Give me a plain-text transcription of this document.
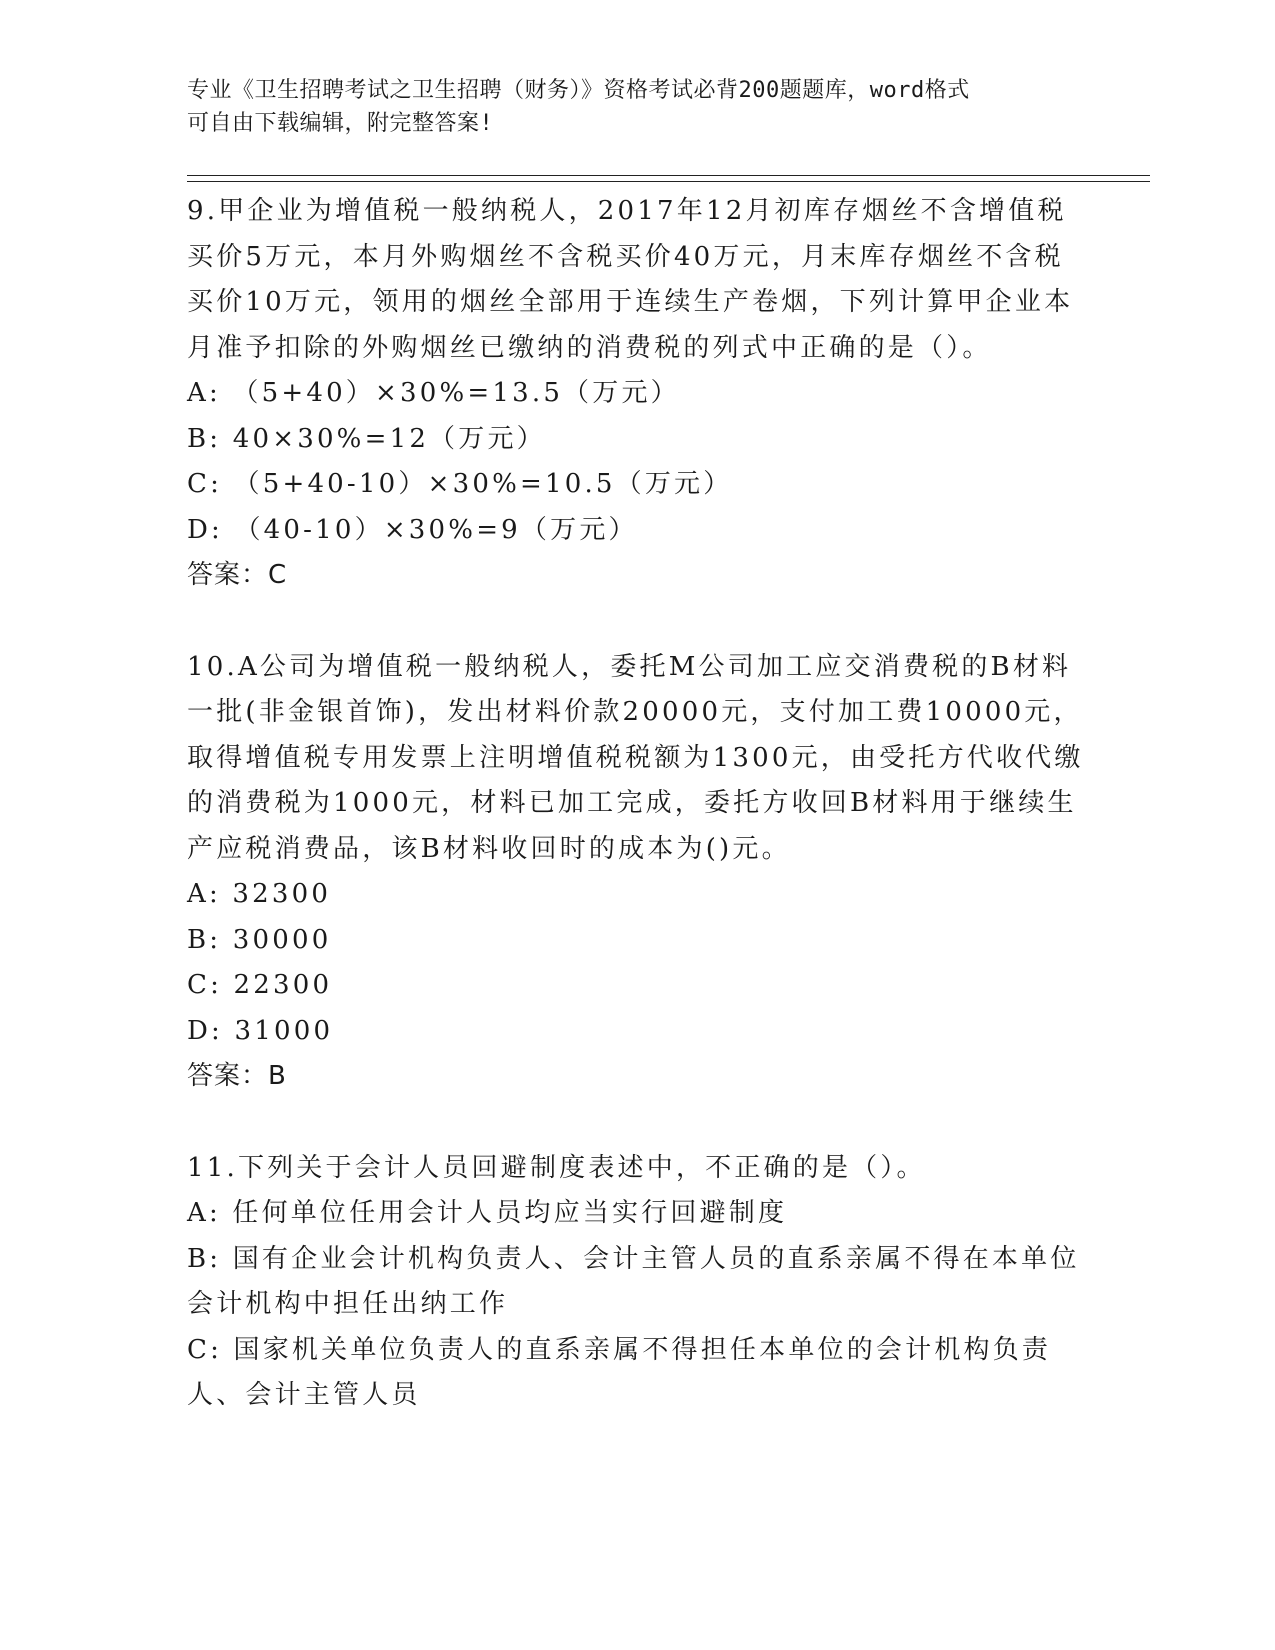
专业《卫生招聘考试之卫生招聘（财务）》资格考试必背200题题库，word格式
可自由下载编辑，附完整答案!

9.甲企业为增值税一般纳税人，2017年12月初库存烟丝不含增值税买价5万元，本月外购烟丝不含税买价40万元，月末库存烟丝不含税买价10万元，领用的烟丝全部用于连续生产卷烟，下列计算甲企业本月准予扣除的外购烟丝已缴纳的消费税的列式中正确的是（）。

A: （5+40）×30%=13.5（万元）

B: 40×30%=12（万元）

C: （5+40-10）×30%=10.5（万元）

D: （40-10）×30%=9（万元）

答案：C

10.A公司为增值税一般纳税人，委托M公司加工应交消费税的B材料一批(非金银首饰)，发出材料价款20000元，支付加工费10000元，取得增值税专用发票上注明增值税税额为1300元，由受托方代收代缴的消费税为1000元，材料已加工完成，委托方收回B材料用于继续生产应税消费品，该B材料收回时的成本为()元。

A: 32300

B: 30000

C: 22300

D: 31000

答案：B

11.下列关于会计人员回避制度表述中，不正确的是（）。

A: 任何单位任用会计人员均应当实行回避制度

B: 国有企业会计机构负责人、会计主管人员的直系亲属不得在本单位会计机构中担任出纳工作

C: 国家机关单位负责人的直系亲属不得担任本单位的会计机构负责人、会计主管人员
